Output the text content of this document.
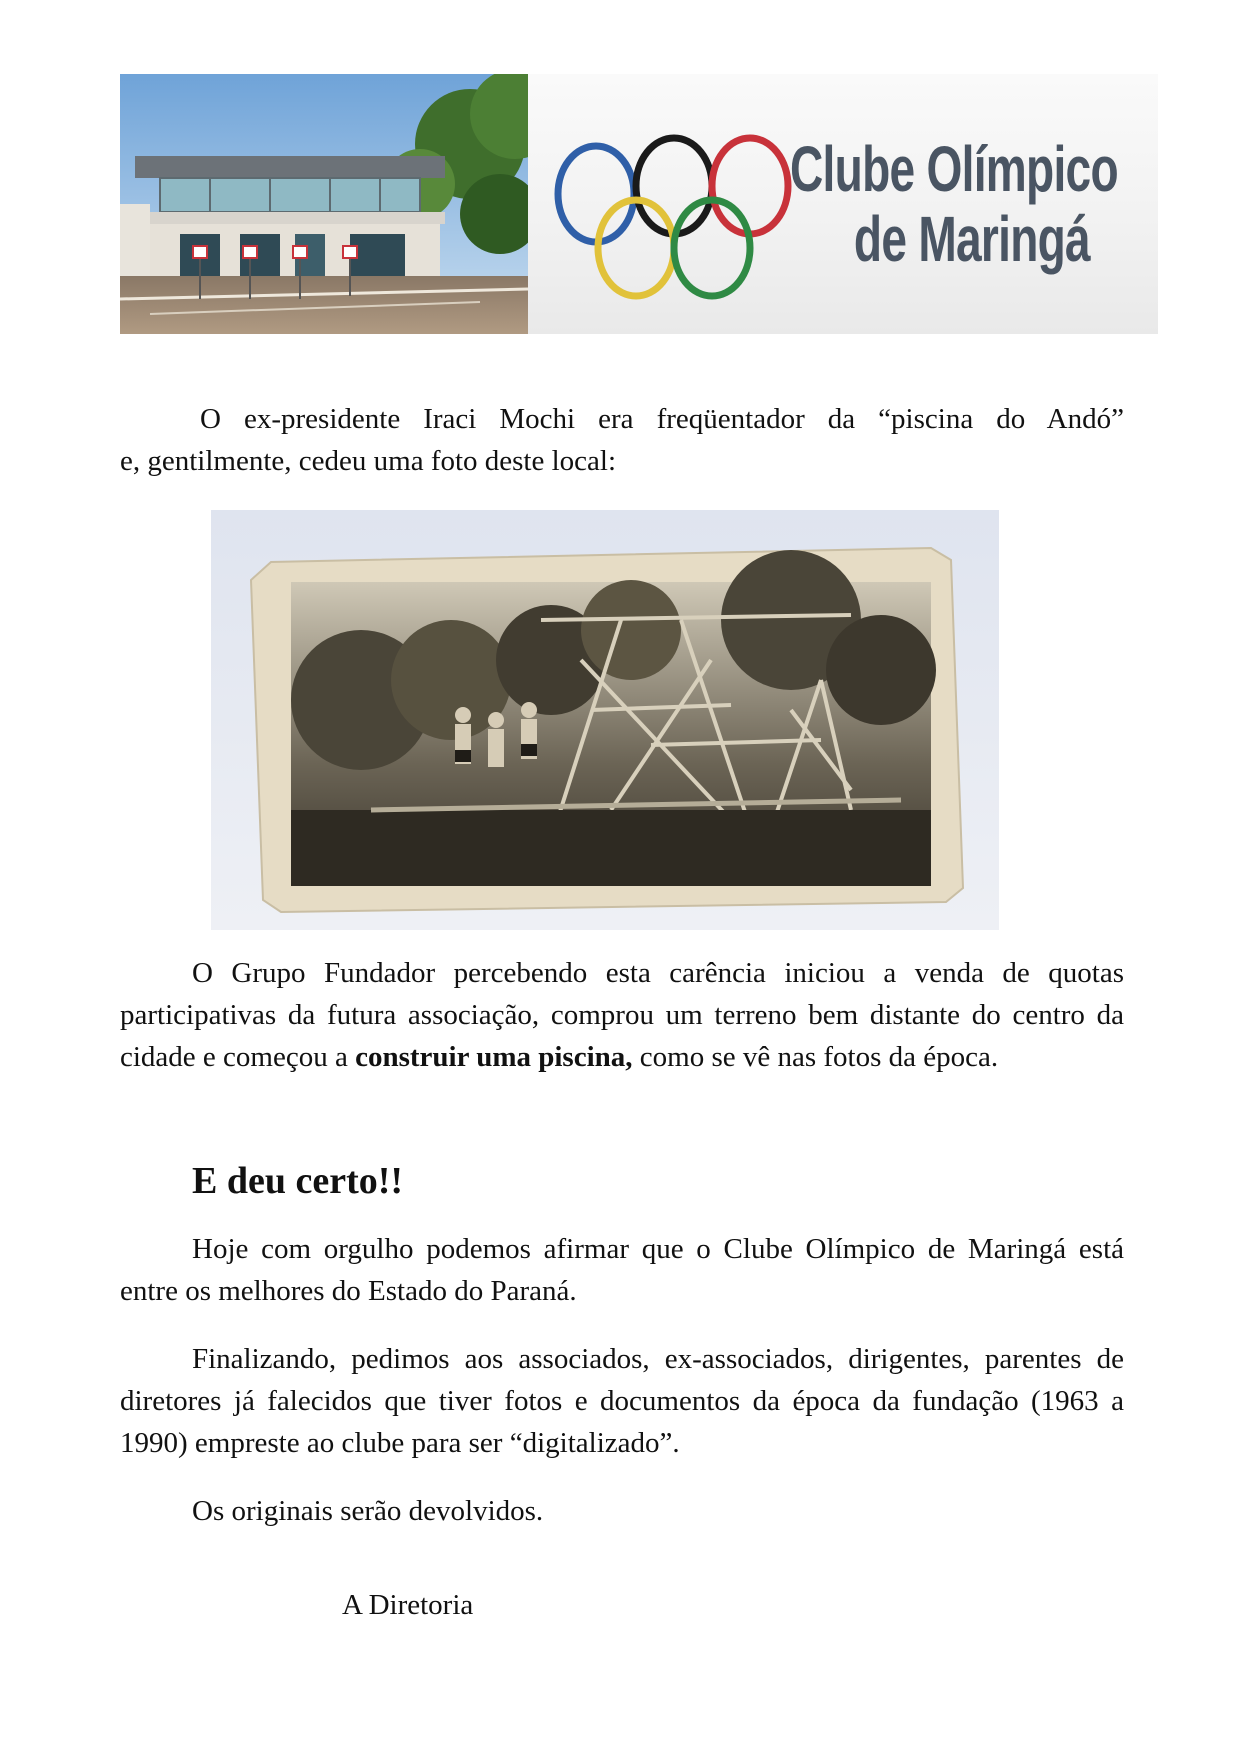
Clube Olímpico
de Maringá
O ex-presidente Iraci Mochi era freqüentador da “piscina do Andó”
e, gentilmente, cedeu uma foto deste local:
O Grupo Fundador percebendo esta carência iniciou a venda de quotas participativas da futura associação, comprou um terreno bem distante do centro da cidade e começou a construir uma piscina, como se vê nas fotos da época.
E deu certo!!
Hoje com orgulho podemos afirmar que o Clube Olímpico de Maringá está entre os melhores do Estado do Paraná.
Finalizando, pedimos aos associados, ex-associados, dirigentes, parentes de diretores já falecidos que tiver fotos e documentos da época da fundação (1963 a 1990) empreste ao clube para ser “digitalizado”.
Os originais serão devolvidos.
A Diretoria
